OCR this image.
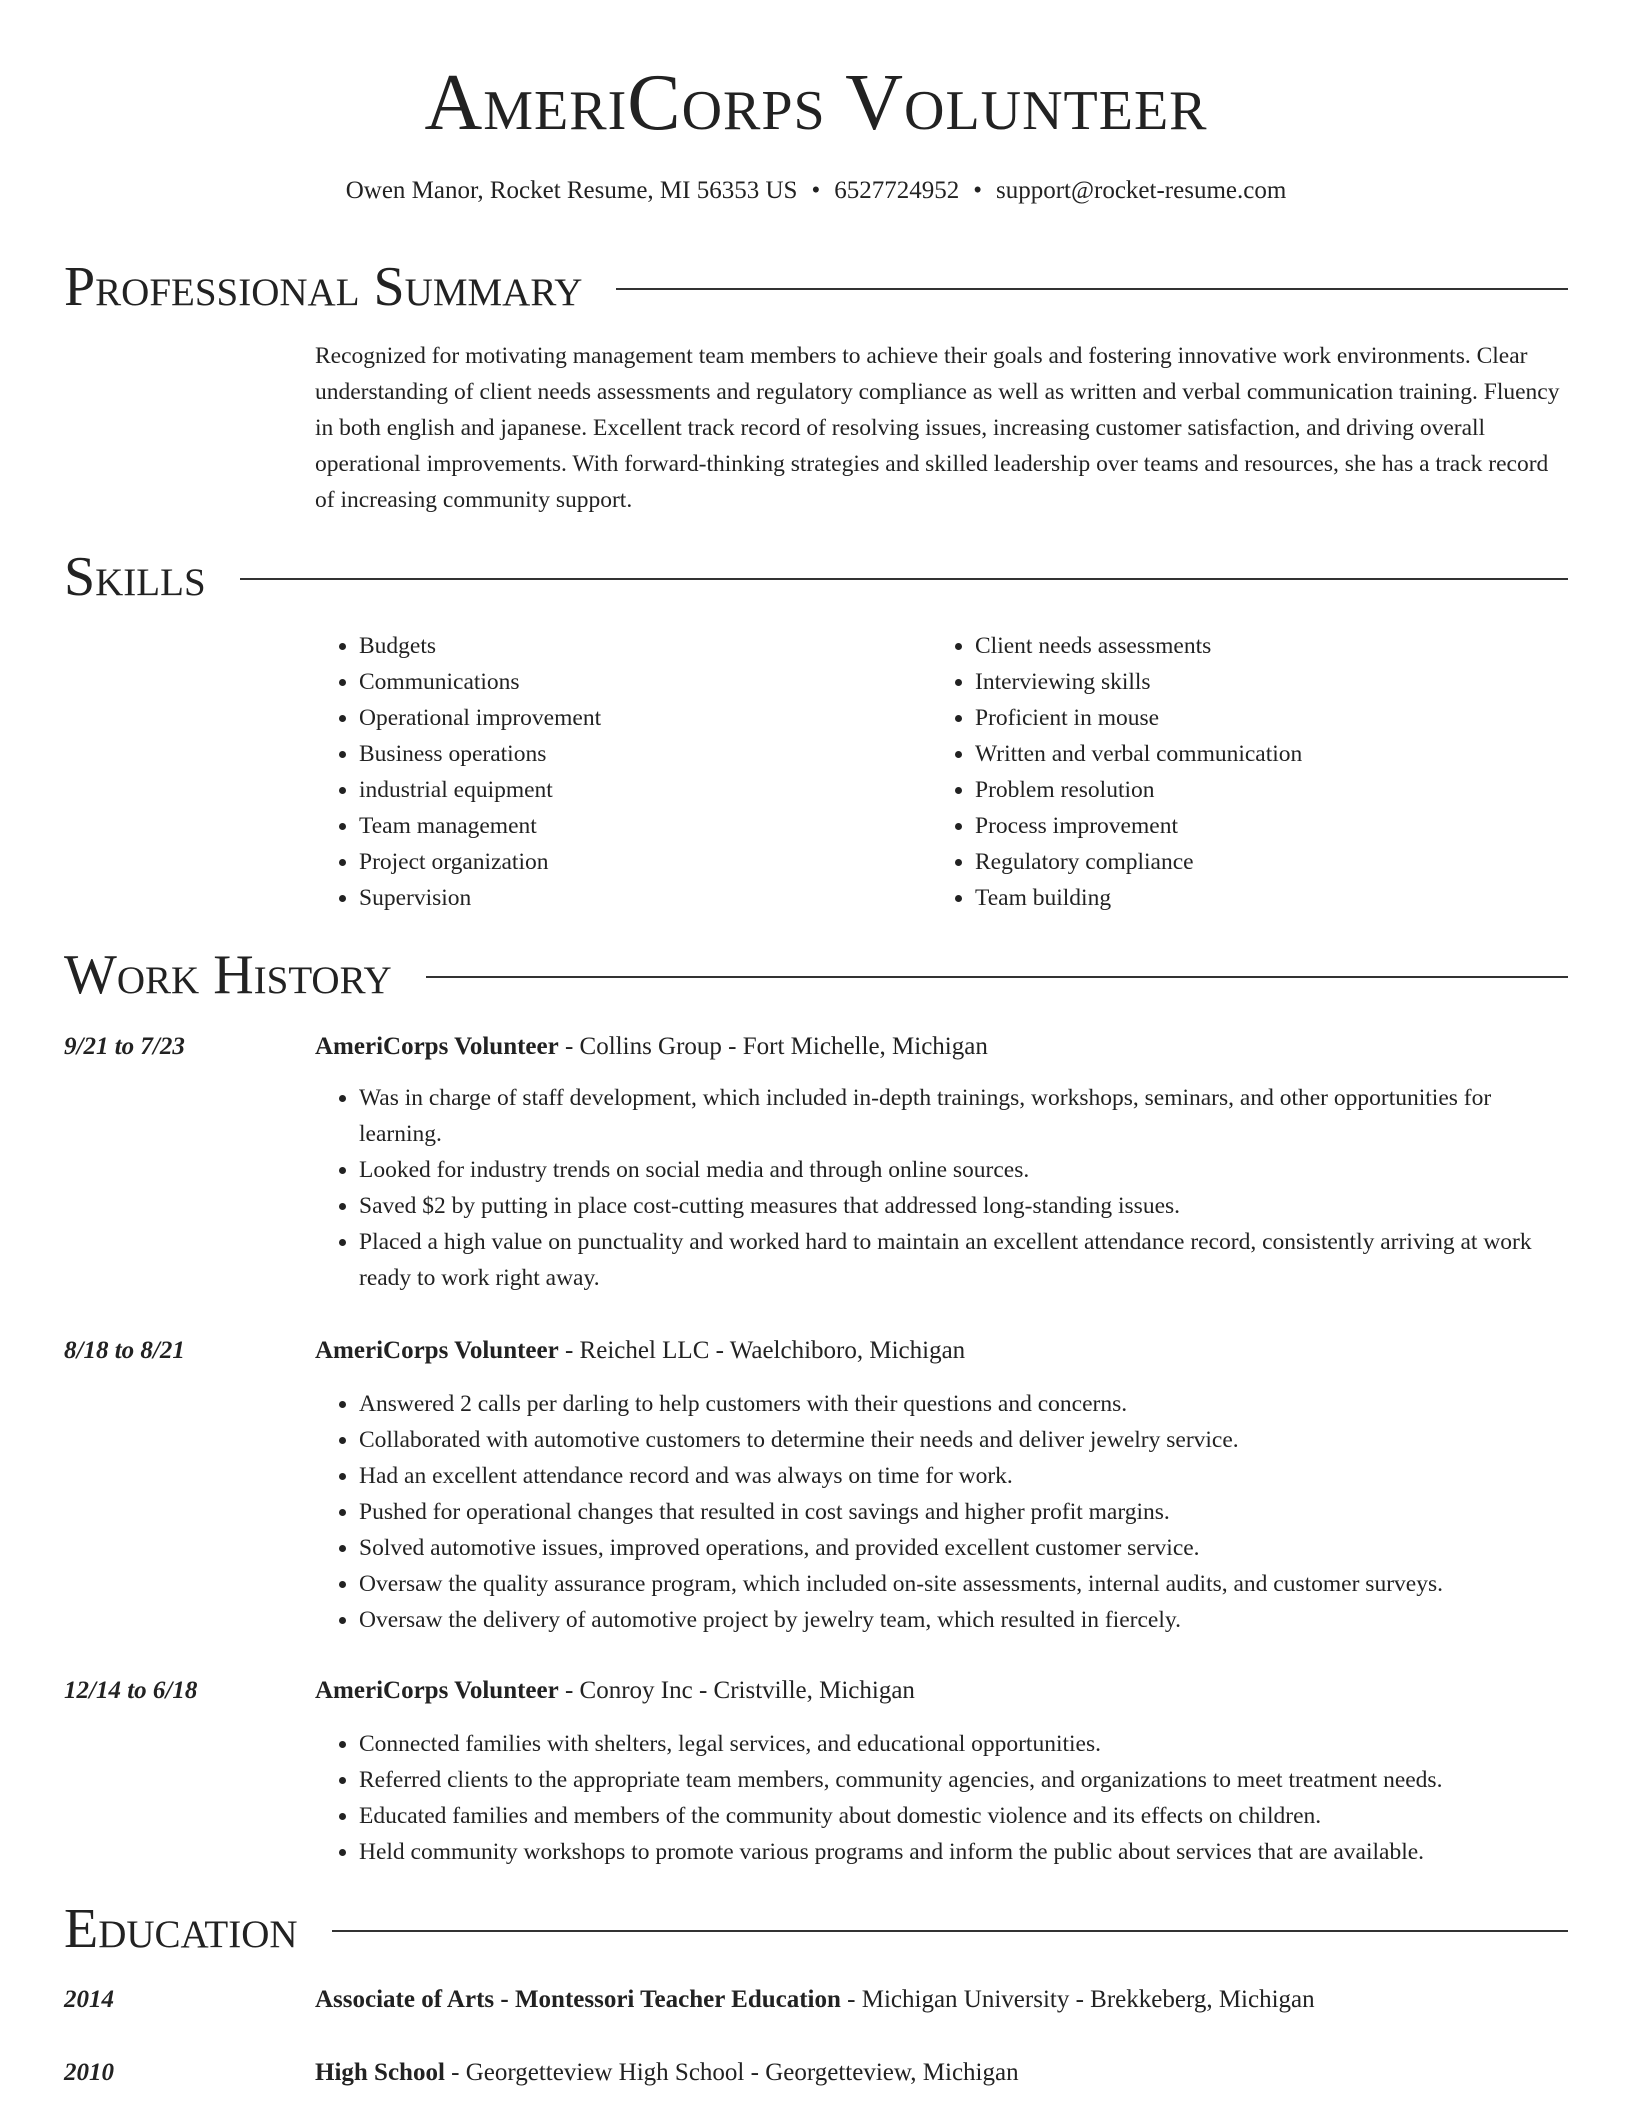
AmeriCorps Volunteer
Owen Manor, Rocket Resume, MI 56353 US • 6527724952 • support@rocket-resume.com
Professional Summary

Recognized for motivating management team members to achieve their goals and fostering innovative work environments. Clear understanding of client needs assessments and regulatory compliance as well as written and verbal communication training. Fluency in both english and japanese. Excellent track record of resolving issues, increasing customer satisfaction, and driving overall operational improvements. With forward-thinking strategies and skilled leadership over teams and resources, she has a track record of increasing community support.

Skills
• Budgets
• Communications
• Operational improvement
• Business operations
• industrial equipment
• Team management
• Project organization
• Supervision
• Client needs assessments
• Interviewing skills
• Proficient in mouse
• Written and verbal communication
• Problem resolution
• Process improvement
• Regulatory compliance
• Team building
Work History
9/21 to 7/23	AmeriCorps Volunteer - Collins Group - Fort Michelle, Michigan
• Was in charge of staff development, which included in-depth trainings, workshops, seminars, and other opportunities for learning.
• Looked for industry trends on social media and through online sources.
• Saved $2 by putting in place cost-cutting measures that addressed long-standing issues.
• Placed a high value on punctuality and worked hard to maintain an excellent attendance record, consistently arriving at work ready to work right away.
8/18 to 8/21	AmeriCorps Volunteer - Reichel LLC - Waelchiboro, Michigan
• Answered 2 calls per darling to help customers with their questions and concerns.
• Collaborated with automotive customers to determine their needs and deliver jewelry service.
• Had an excellent attendance record and was always on time for work.
• Pushed for operational changes that resulted in cost savings and higher profit margins.
• Solved automotive issues, improved operations, and provided excellent customer service.
• Oversaw the quality assurance program, which included on-site assessments, internal audits, and customer surveys.
• Oversaw the delivery of automotive project by jewelry team, which resulted in fiercely.
12/14 to 6/18	AmeriCorps Volunteer - Conroy Inc - Cristville, Michigan
• Connected families with shelters, legal services, and educational opportunities.
• Referred clients to the appropriate team members, community agencies, and organizations to meet treatment needs.
• Educated families and members of the community about domestic violence and its effects on children.
• Held community workshops to promote various programs and inform the public about services that are available.
Education
2014	Associate of Arts - Montessori Teacher Education - Michigan University - Brekkeberg, Michigan
2010	High School - Georgetteview High School - Georgetteview, Michigan
